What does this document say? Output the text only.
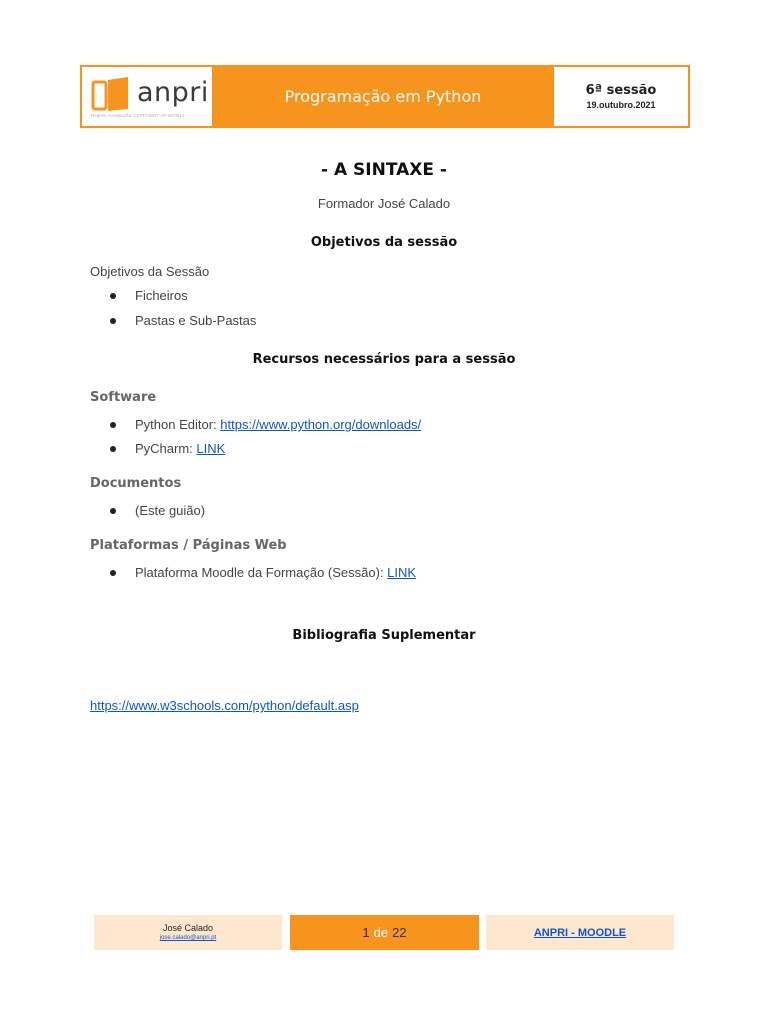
anpri
Registo Acreditação: CCPFC/ENT-AP-0378/14
Programação em Python	6ª sessão
19.outubro.2021
- A SINTAXE -
Formador José Calado
Objetivos da sessão
Objetivos da Sessão
Ficheiros
Pastas e Sub-Pastas
Recursos necessários para a sessão
Software
Python Editor: https://www.python.org/downloads/
PyCharm: LINK
Documentos
(Este guião)
Plataformas / Páginas Web
Plataforma Moodle da Formação (Sessão): LINK
Bibliografia Suplementar
https://www.w3schools.com/python/default.asp
José Calado
jose.calado@anpri.pt	1 de 22	ANPRI - MOODLE
